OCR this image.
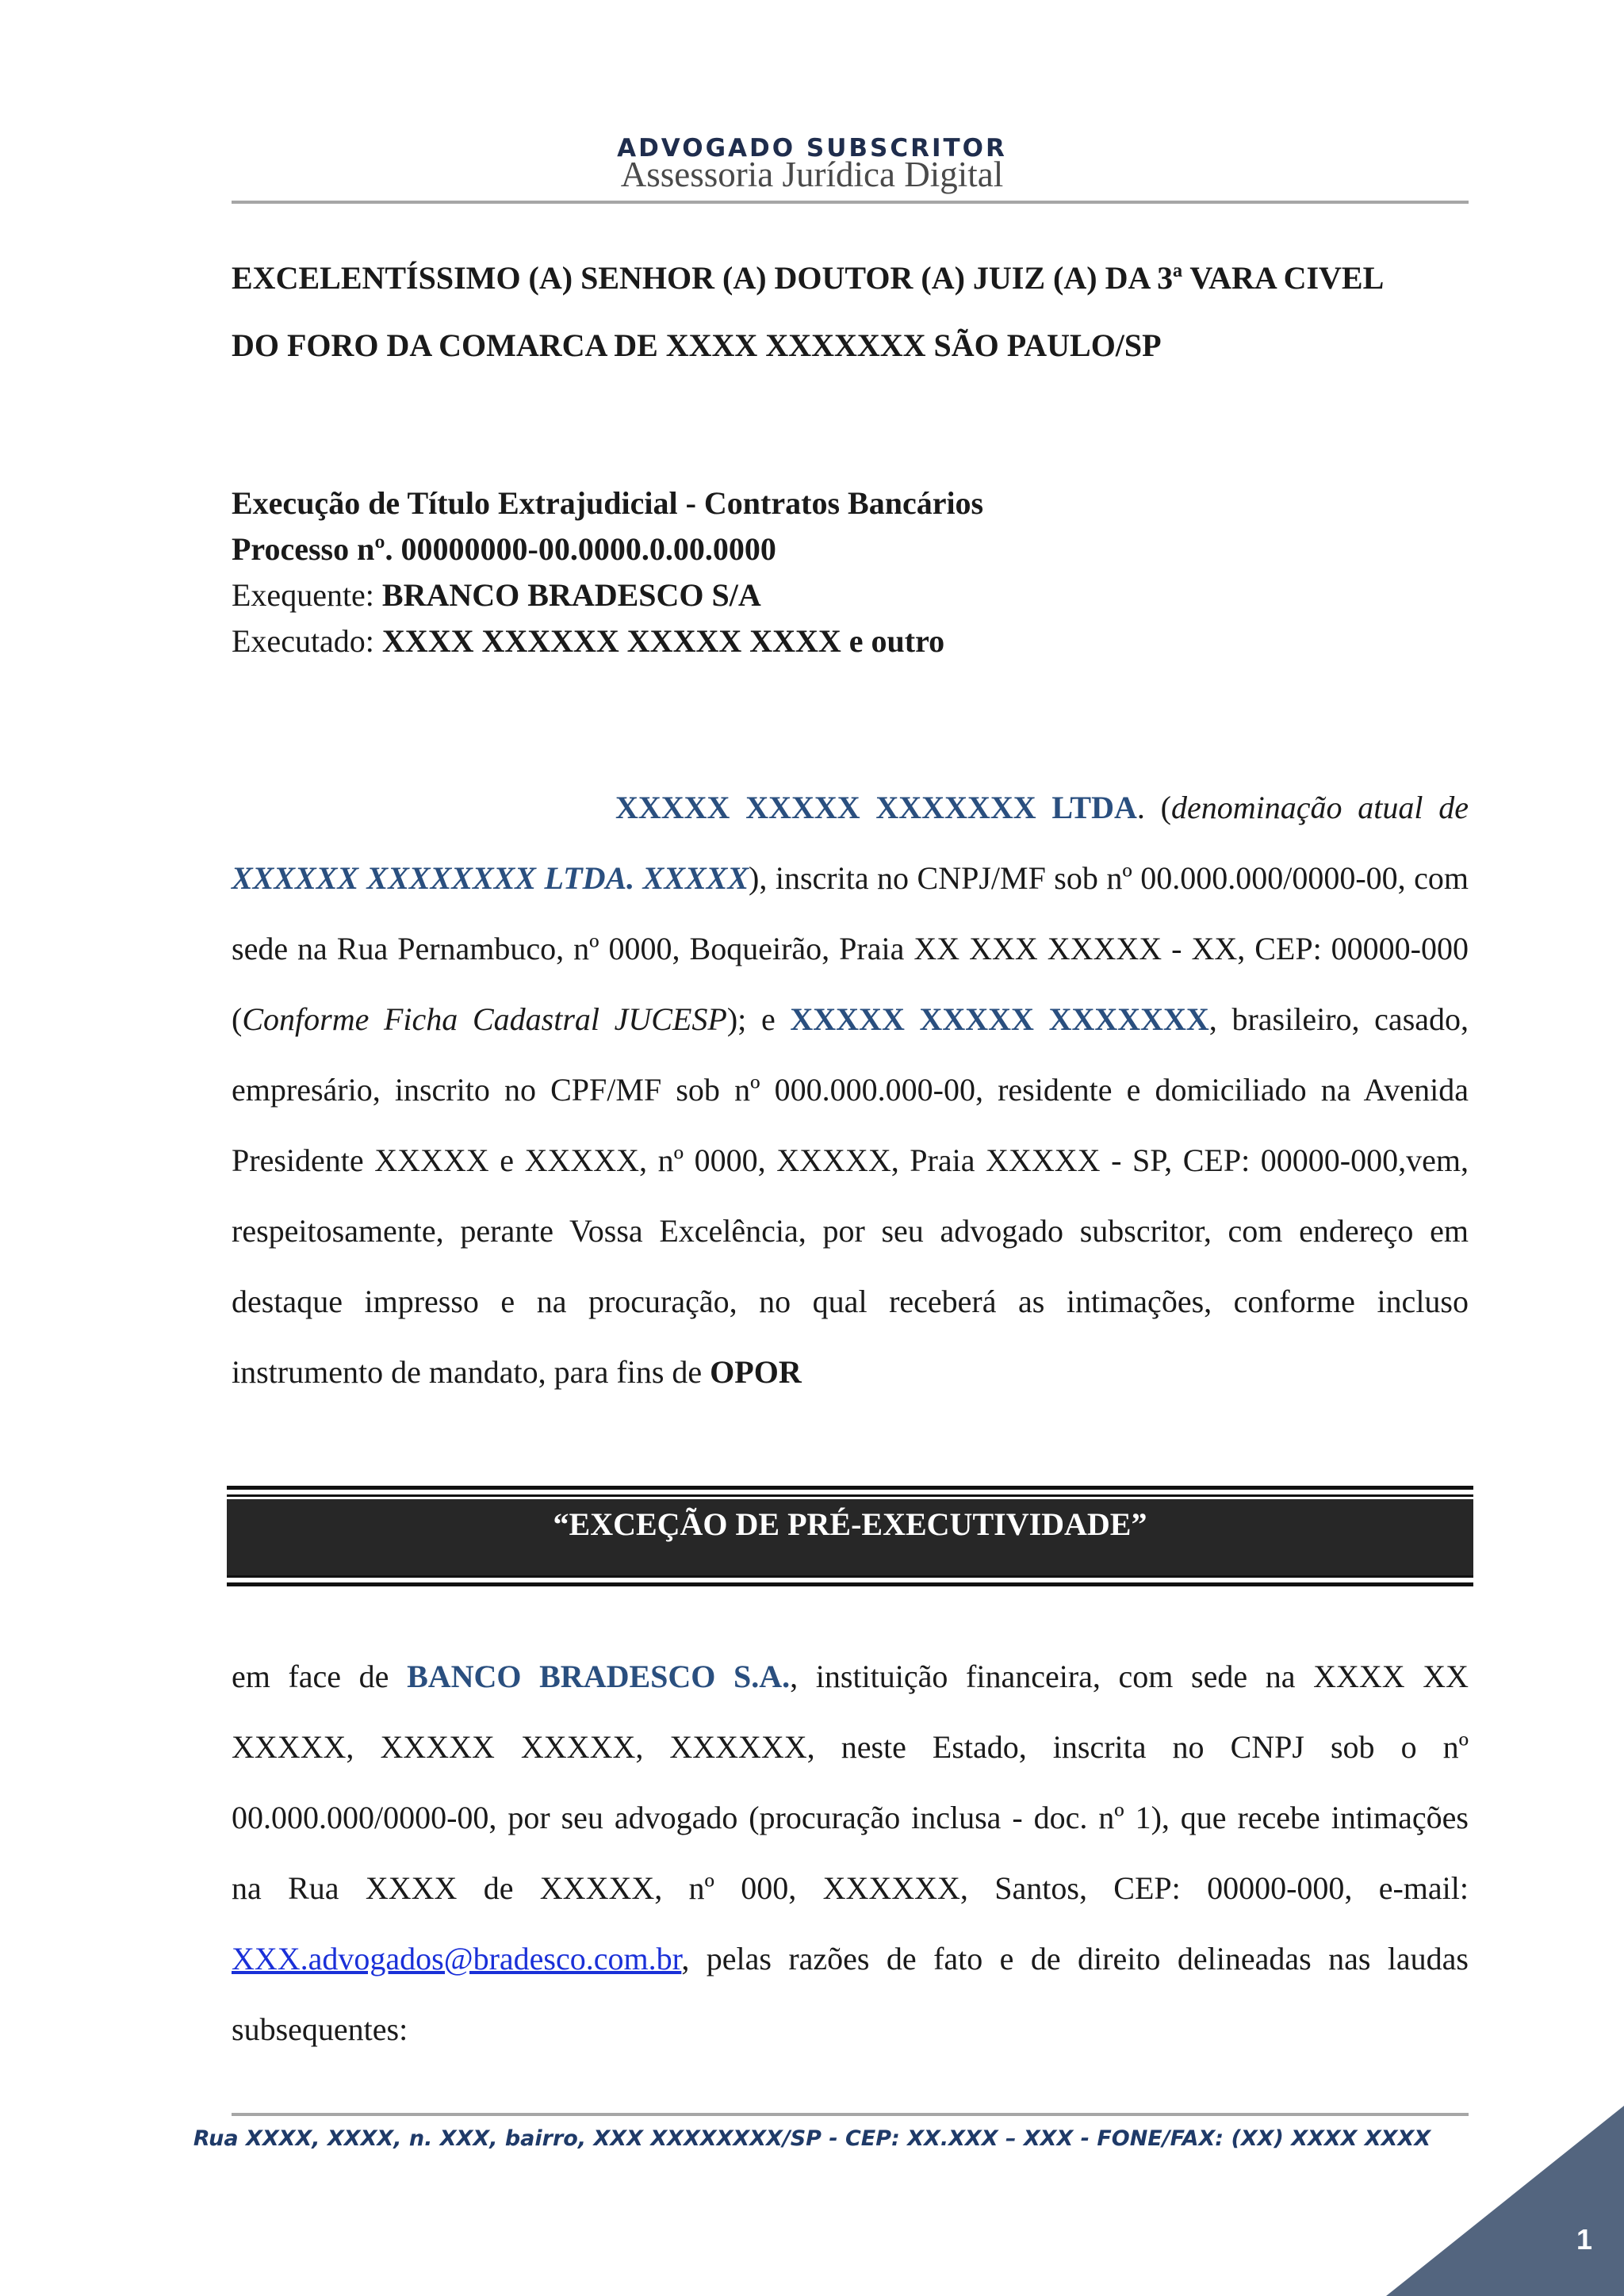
ADVOGADO SUBSCRITOR
Assessoria Jurídica Digital
EXCELENTÍSSIMO (A) SENHOR (A) DOUTOR (A) JUIZ (A) DA 3ª VARA CIVEL
DO FORO DA COMARCA DE XXXX XXXXXXX SÃO PAULO/SP
Execução de Título Extrajudicial - Contratos Bancários
Processo nº. 00000000-00.0000.0.00.0000
Exequente: BRANCO BRADESCO S/A
Executado: XXXX XXXXXX XXXXX XXXX e outro

XXXXX XXXXX XXXXXXX LTDA. (denominação atual de XXXXXX XXXXXXXX LTDA. XXXXX), inscrita no CNPJ/MF sob nº 00.000.000/0000-00, com sede na Rua Pernambuco, nº 0000, Boqueirão, Praia XX XXX XXXXX - XX, CEP: 00000-000 (Conforme Ficha Cadastral JUCESP); e XXXXX XXXXX XXXXXXX, brasileiro, casado, empresário, inscrito no CPF/MF sob nº 000.000.000-00, residente e domiciliado na Avenida Presidente XXXXX e XXXXX, nº 0000, XXXXX, Praia XXXXX - SP, CEP: 00000-000,vem, respeitosamente, perante Vossa Excelência, por seu advogado subscritor, com endereço em destaque impresso e na procuração, no qual receberá as intimações, conforme incluso instrumento de mandato, para fins de OPOR

“EXCEÇÃO DE PRÉ-EXECUTIVIDADE”

em face de BANCO BRADESCO S.A., instituição financeira, com sede na XXXX XX XXXXX, XXXXX XXXXX, XXXXXX, neste Estado, inscrita no CNPJ sob o nº 00.000.000/0000-00, por seu advogado (procuração inclusa - doc. nº 1), que recebe intimações na Rua XXXX de XXXXX, nº 000, XXXXXX, Santos, CEP: 00000-000, e-mail: XXX.advogados@bradesco.com.br, pelas razões de fato e de direito delineadas nas laudas subsequentes:

Rua XXXX, XXXX, n. XXX, bairro, XXX XXXXXXXX/SP - CEP: XX.XXX – XXX - FONE/FAX: (XX) XXXX XXXX
1
